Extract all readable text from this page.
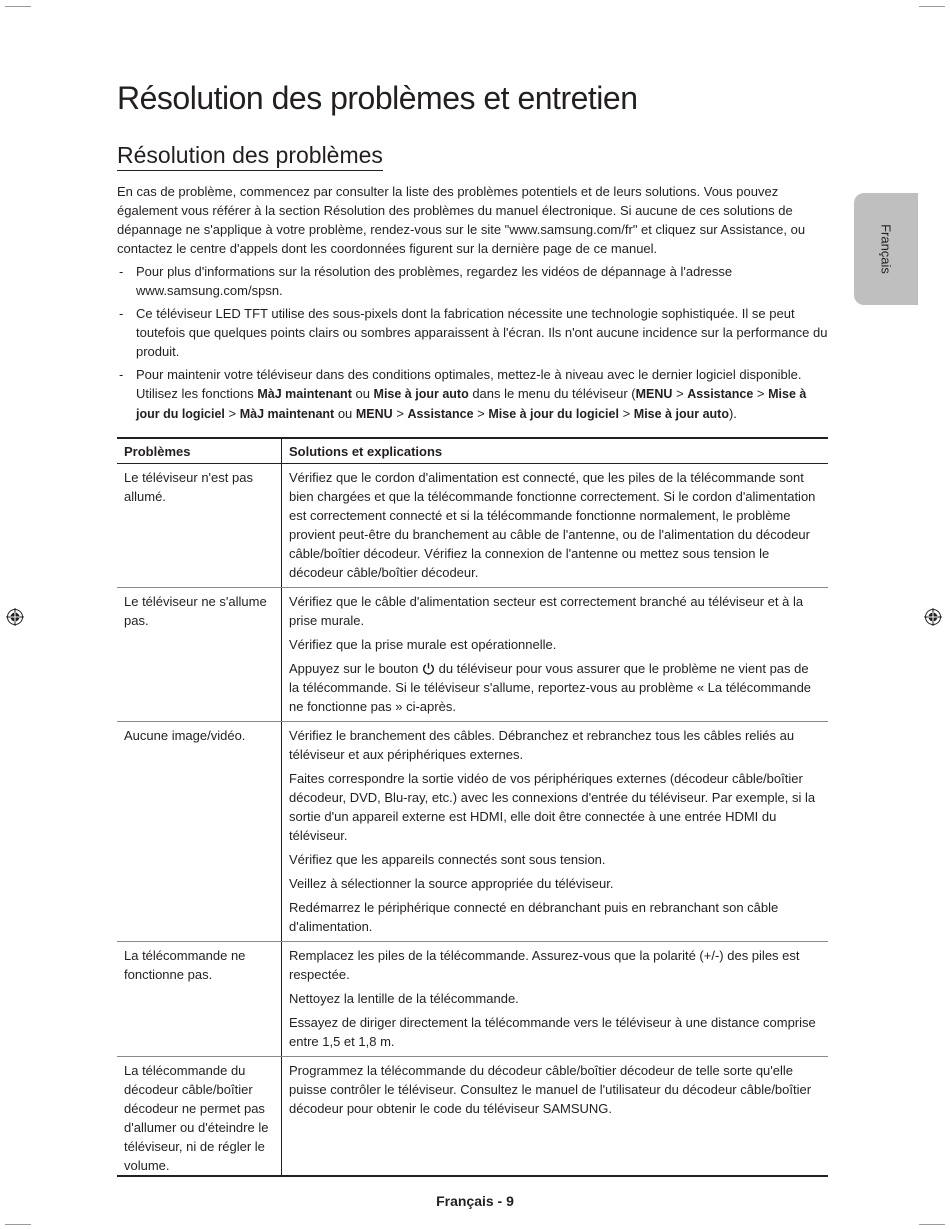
Français
Résolution des problèmes et entretien
Résolution des problèmes

En cas de problème, commencez par consulter la liste des problèmes potentiels et de leurs solutions. Vous pouvez également vous référer à la section Résolution des problèmes du manuel électronique. Si aucune de ces solutions de dépannage ne s'applique à votre problème, rendez-vous sur le site "www.samsung.com/fr" et cliquez sur Assistance, ou contactez le centre d'appels dont les coordonnées figurent sur la dernière page de ce manuel.

- Pour plus d'informations sur la résolution des problèmes, regardez les vidéos de dépannage à l'adresse www.samsung.com/spsn.
- Ce téléviseur LED TFT utilise des sous-pixels dont la fabrication nécessite une technologie sophistiquée. Il se peut toutefois que quelques points clairs ou sombres apparaissent à l'écran. Ils n'ont aucune incidence sur la performance du produit.
- Pour maintenir votre téléviseur dans des conditions optimales, mettez-le à niveau avec le dernier logiciel disponible. Utilisez les fonctions MàJ maintenant ou Mise à jour auto dans le menu du téléviseur (MENU > Assistance > Mise à jour du logiciel > MàJ maintenant ou MENU > Assistance > Mise à jour du logiciel > Mise à jour auto).
Problèmes	Solutions et explications
Le téléviseur n'est pas allumé.	Vérifiez que le cordon d'alimentation est connecté, que les piles de la télécommande sont bien chargées et que la télécommande fonctionne correctement. Si le cordon d'alimentation est correctement connecté et si la télécommande fonctionne normalement, le problème provient peut-être du branchement au câble de l'antenne, ou de l'alimentation du décodeur câble/boîtier décodeur. Vérifiez la connexion de l'antenne ou mettez sous tension le décodeur câble/boîtier décodeur.

Le téléviseur ne s'allume pas.	Vérifiez que le câble d'alimentation secteur est correctement branché au téléviseur et à la prise murale.

Vérifiez que la prise murale est opérationnelle.

Appuyez sur le bouton  du téléviseur pour vous assurer que le problème ne vient pas de la télécommande. Si le téléviseur s'allume, reportez-vous au problème « La télécommande ne fonctionne pas » ci-après.

Aucune image/vidéo.	Vérifiez le branchement des câbles. Débranchez et rebranchez tous les câbles reliés au téléviseur et aux périphériques externes.

Faites correspondre la sortie vidéo de vos périphériques externes (décodeur câble/boîtier décodeur, DVD, Blu-ray, etc.) avec les connexions d'entrée du téléviseur. Par exemple, si la sortie d'un appareil externe est HDMI, elle doit être connectée à une entrée HDMI du téléviseur.

Vérifiez que les appareils connectés sont sous tension.

Veillez à sélectionner la source appropriée du téléviseur.

Redémarrez le périphérique connecté en débranchant puis en rebranchant son câble d'alimentation.

La télécommande ne fonctionne pas.	Remplacez les piles de la télécommande. Assurez-vous que la polarité (+/-) des piles est respectée.

Nettoyez la lentille de la télécommande.

Essayez de diriger directement la télécommande vers le téléviseur à une distance comprise entre 1,5 et 1,8 m.

La télécommande du décodeur câble/boîtier décodeur ne permet pas d'allumer ou d'éteindre le téléviseur, ni de régler le volume.	Programmez la télécommande du décodeur câble/boîtier décodeur de telle sorte qu'elle puisse contrôler le téléviseur. Consultez le manuel de l'utilisateur du décodeur câble/boîtier décodeur pour obtenir le code du téléviseur SAMSUNG.

Français - 9
